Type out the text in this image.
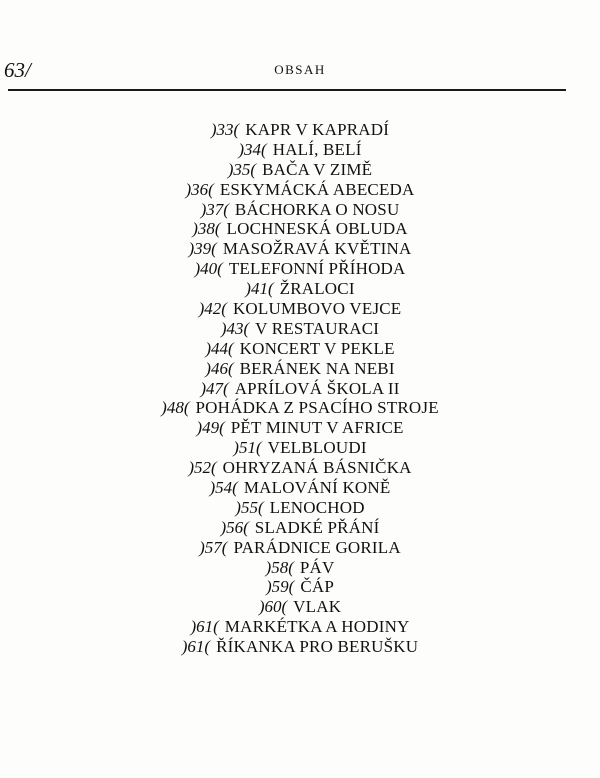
63/	OBSAH
)33( KAPR V KAPRADÍ
)34( HALÍ, BELÍ
)35( BAČA V ZIMĚ
)36( ESKYMÁCKÁ ABECEDA
)37( BÁCHORKA O NOSU
)38( LOCHNESKÁ OBLUDA
)39( MASOŽRAVÁ KVĚTINA
)40( TELEFONNÍ PŘÍHODA
)41( ŽRALOCI
)42( KOLUMBOVO VEJCE
)43( V RESTAURACI
)44( KONCERT V PEKLE
)46( BERÁNEK NA NEBI
)47( APRÍLOVÁ ŠKOLA II
)48( POHÁDKA Z PSACÍHO STROJE
)49( PĚT MINUT V AFRICE
)51( VELBLOUDI
)52( OHRYZANÁ BÁSNIČKA
)54( MALOVÁNÍ KONĚ
)55( LENOCHOD
)56( SLADKÉ PŘÁNÍ
)57( PARÁDNICE GORILA
)58( PÁV
)59( ČÁP
)60( VLAK
)61( MARKÉTKA A HODINY
)61( ŘÍKANKA PRO BERUŠKU
